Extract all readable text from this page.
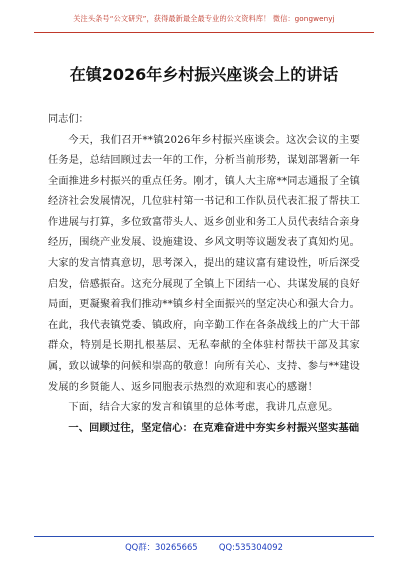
关注头条号“公文研究”，获得最新最全最专业的公文资料库！ 微信：gongwenyj
在镇2026年乡村振兴座谈会上的讲话

同志们：

今天，我们召开**镇2026年乡村振兴座谈会。这次会议的主要任务是，总结回顾过去一年的工作，分析当前形势，谋划部署新一年全面推进乡村振兴的重点任务。刚才，镇人大主席**同志通报了全镇经济社会发展情况，几位驻村第一书记和工作队员代表汇报了帮扶工作进展与打算，多位致富带头人、返乡创业和务工人员代表结合亲身经历，围绕产业发展、设施建设、乡风文明等议题发表了真知灼见。大家的发言情真意切，思考深入，提出的建议富有建设性，听后深受启发，倍感振奋。这充分展现了全镇上下团结一心、共谋发展的良好局面，更凝聚着我们推动**镇乡村全面振兴的坚定决心和强大合力。在此，我代表镇党委、镇政府，向辛勤工作在各条战线上的广大干部群众，特别是长期扎根基层、无私奉献的全体驻村帮扶干部及其家属，致以诚挚的问候和崇高的敬意！向所有关心、支持、参与**建设发展的乡贤能人、返乡同胞表示热烈的欢迎和衷心的感谢！

下面，结合大家的发言和镇里的总体考虑，我讲几点意见。

一、回顾过往，坚定信心：在克难奋进中夯实乡村振兴坚实基础

QQ群：30265665        QQ:535304092
